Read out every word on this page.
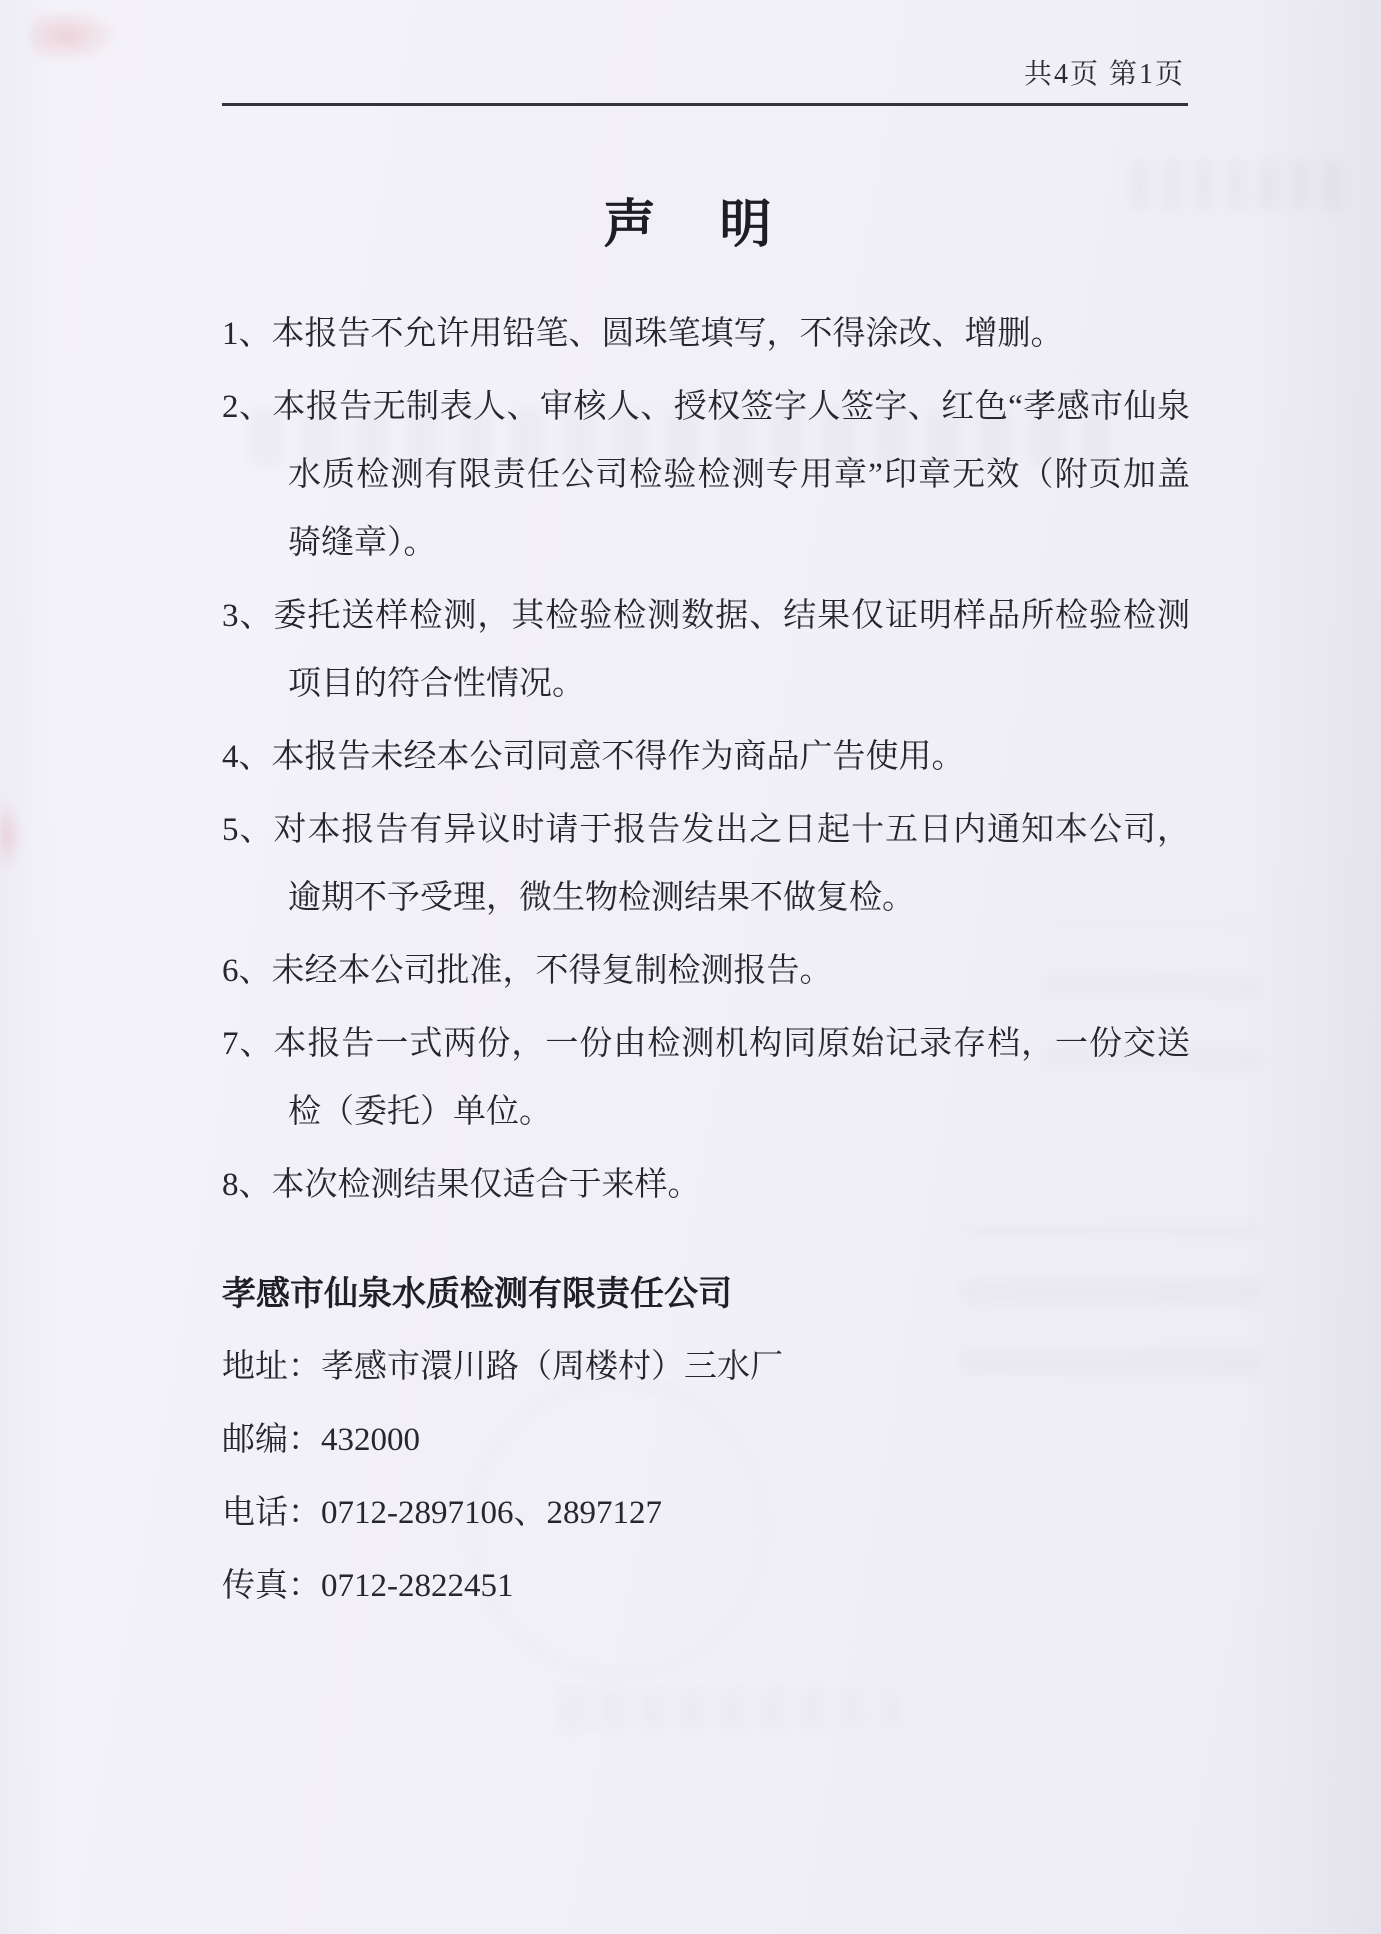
共4页 第1页
声　明
1、本报告不允许用铅笔、圆珠笔填写，不得涂改、增删。
2、本报告无制表人、审核人、授权签字人签字、红色“孝感市仙泉水质检测有限责任公司检验检测专用章”印章无效（附页加盖骑缝章）。
3、委托送样检测，其检验检测数据、结果仅证明样品所检验检测项目的符合性情况。
4、本报告未经本公司同意不得作为商品广告使用。
5、对本报告有异议时请于报告发出之日起十五日内通知本公司，逾期不予受理，微生物检测结果不做复检。
6、未经本公司批准，不得复制检测报告。
7、本报告一式两份，一份由检测机构同原始记录存档，一份交送检（委托）单位。
8、本次检测结果仅适合于来样。

孝感市仙泉水质检测有限责任公司

地址：孝感市澴川路（周楼村）三水厂

邮编：432000

电话：0712-2897106、2897127

传真：0712-2822451
